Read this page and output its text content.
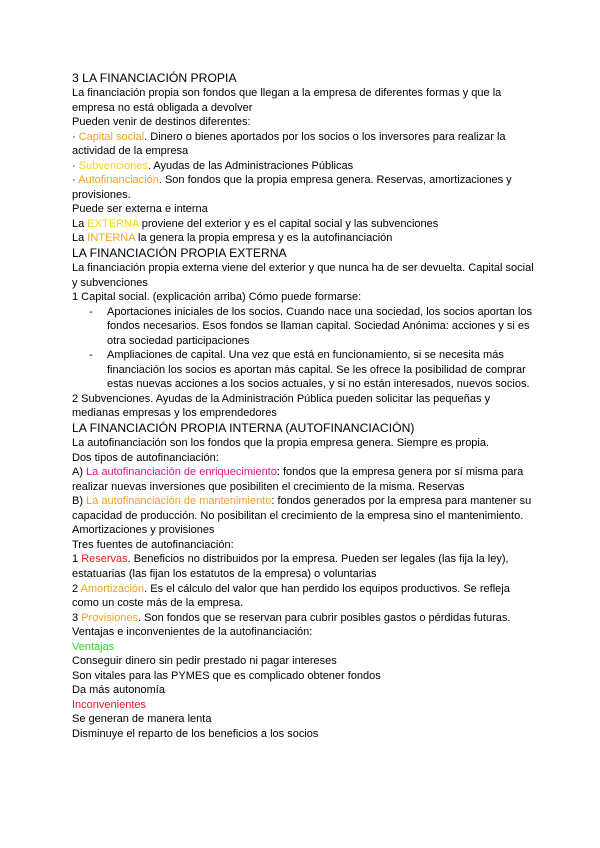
3 LA FINANCIACIÓN PROPIA

La financiación propia son fondos que llegan a la empresa de diferentes formas y que la empresa no está obligada a devolver

Pueden venir de destinos diferentes:

· Capital social. Dinero o bienes aportados por los socios o los inversores para realizar la actividad de la empresa

· Subvenciones. Ayudas de las Administraciones Públicas

· Autofinanciación. Son fondos que la propia empresa genera. Reservas, amortizaciones y provisiones.

Puede ser externa e interna

La EXTERNA proviene del exterior y es el capital social y las subvenciones

La INTERNA la genera la propia empresa y es la autofinanciación

LA FINANCIACIÓN PROPIA EXTERNA

La financiación propia externa viene del exterior y que nunca ha de ser devuelta. Capital social y subvenciones

1 Capital social. (explicación arriba) Cómo puede formarse:

-	Aportaciones iniciales de los socios. Cuando nace una sociedad, los socios aportan los fondos necesarios. Esos fondos se llaman capital. Sociedad Anónima: acciones y si es otra sociedad participaciones
-	Ampliaciones de capital. Una vez que está en funcionamiento, si se necesita más financiación los socios es aportan más capital. Se les ofrece la posibilidad de comprar estas nuevas acciones a los socios actuales, y si no están interesados, nuevos socios.

2 Subvenciones. Ayudas de la Administración Pública pueden solicitar las pequeñas y medianas empresas y los emprendedores

LA FINANCIACIÓN PROPIA INTERNA (AUTOFINANCIACIÓN)

La autofinanciación son los fondos que la propia empresa genera. Siempre es propia.

Dos tipos de autofinanciación:

A) La autofinanciación de enriquecimiento: fondos que la empresa genera por sí misma para realizar nuevas inversiones que posibiliten el crecimiento de la misma. Reservas

B) La autofinanciación de mantenimiento: fondos generados por la empresa para mantener su capacidad de producción. No posibilitan el crecimiento de la empresa sino el mantenimiento. Amortizaciones y provisiones

Tres fuentes de autofinanciación:

1 Reservas. Beneficios no distribuidos por la empresa. Pueden ser legales (las fija la ley), estatuarias (las fijan los estatutos de la empresa) o voluntarias

2 Amortización. Es el cálculo del valor que han perdido los equipos productivos. Se refleja como un coste más de la empresa.

3 Provisiones. Son fondos que se reservan para cubrir posibles gastos o pérdidas futuras.

Ventajas e inconvenientes de la autofinanciación:

Ventajas

Conseguir dinero sin pedir prestado ni pagar intereses

Son vitales para las PYMES que es complicado obtener fondos

Da más autonomía

Inconvenientes

Se generan de manera lenta

Disminuye el reparto de los beneficios a los socios
